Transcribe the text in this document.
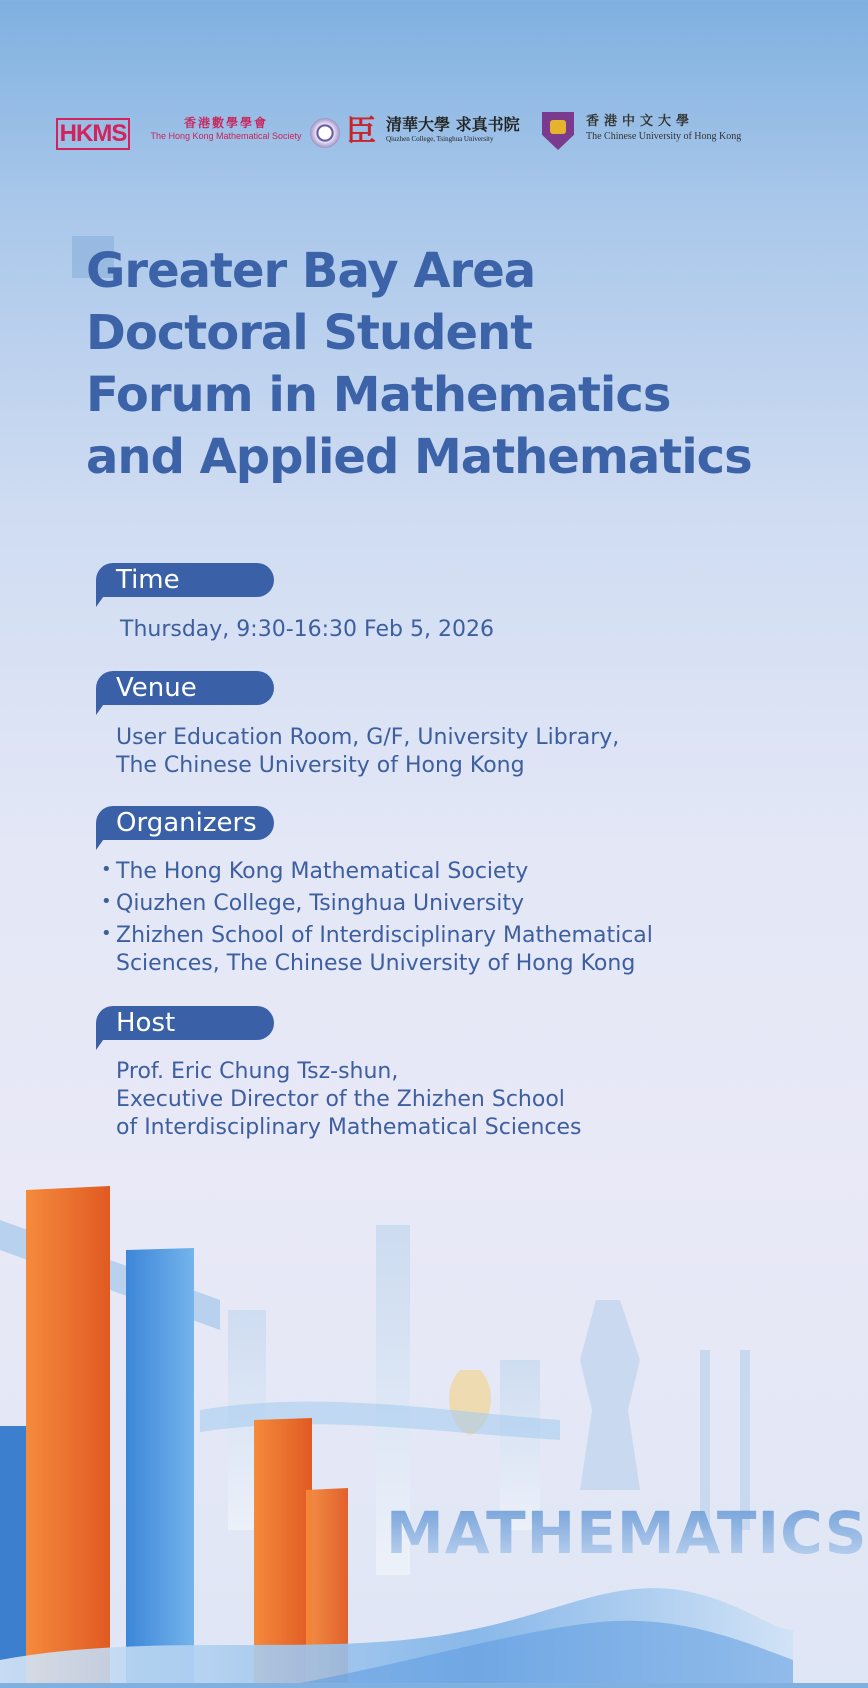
HKMS	香港數學學會
The Hong Kong Mathematical Society ⾂ 清華大學 求真书院
Qiuzhen College, Tsinghua University
香港中文大學
The Chinese University of Hong Kong
Greater Bay Area
Doctoral Student
Forum in Mathematics
and Applied Mathematics
Time
Thursday, 9:30-16:30 Feb 5, 2026
Venue
User Education Room, G/F, University Library,
The Chinese University of Hong Kong
Organizers
• The Hong Kong Mathematical Society
• Qiuzhen College, Tsinghua University
• Zhizhen School of Interdisciplinary Mathematical
Sciences, The Chinese University of Hong Kong
Host
Prof. Eric Chung Tsz-shun,
Executive Director of the Zhizhen School
of Interdisciplinary Mathematical Sciences
MATHEMATICS
